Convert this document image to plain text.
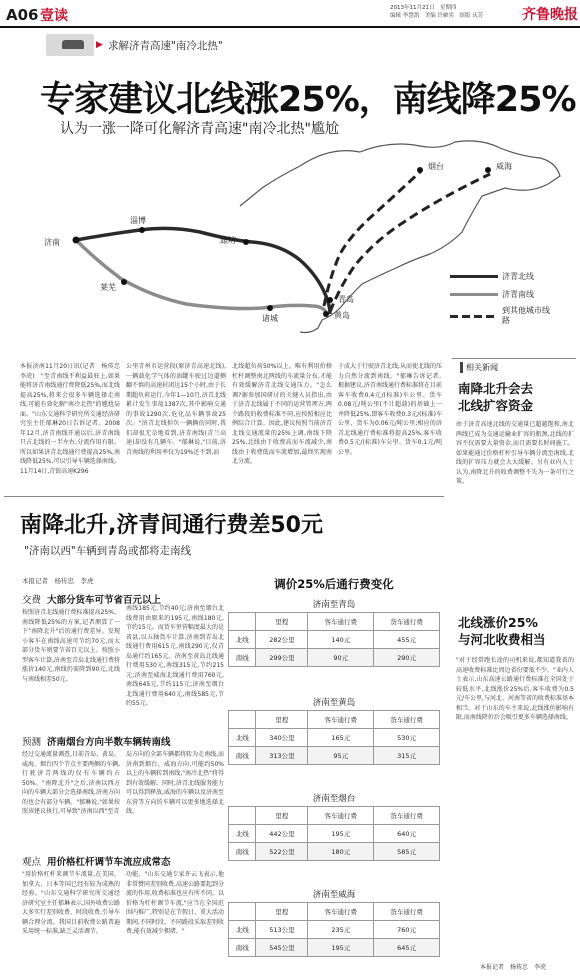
A06 壹读	2013年11月21日　星期四
编辑 李慧凯　美编 许雁宾　组版 庆芳	齐鲁晚报
▶ 求解济青高速"南冷北热"
专家建议北线涨25%，南线降25%
认为一涨一降可化解济青高速"南冷北热"尴尬
济南
淄博
潍坊
烟台	威海
莱芜
诸城
青岛
黄岛
济青北线
济青南线
到其他城市线路
本报济南11月20日讯(记者　杨传忠　李虎)　"至青南线不利益最驻上,如果能将济青南线通行费降低25%,而北线提高25%,将来会很多车辆选择走南线,可能有效化解"南冷北热"的尴尬局面。"山东交通科学研究所交通经济研究室主任郁琳20日告诉记者。2008年12月,济青南线开通以后,济青南线只占北线的一半左右,分流作用有限。所以如果济青北线通行费提高25%,南线降低25%,可以引导车辆选择南线。11月14日,青银高速K296
公里青州市运营段(原济青高速北线),一辆载化学气体的油罐车驶过边道侧翻不慎的高速封闭达15个小时,由于长期超负荷运行,今年1—10月,济青北线累计发生事故1387次,其中影响交通的事故1290次,危化品车辆事故25次。"济青北线担负一辆辆的同时,我们却很无奈地看到,济青南线(青兰高速)却没有几辆车。"郁琳说,"目前,济青南线的利用率仅为19%还不到,而
北线超负荷50%以上。唯有利用价格杠杆调整南北两线的车流量分布,才能有效缓解济青北线交通压力。"怎么调?据参加国研讨的关键人员指出,由于济青北线属于不同的运营管理方,两个路段的收费标准不同,应按照相应比例综合计算。因此,建议按照当前济青北线交通流量的25%上调,南线下降25%,北线由于收费高而车流减少,南线由于收费低而车流增加,最终实现南北分流。
于成大于行驶济青北线,从而使北线的压力自然分流到南线。"郁琳告诉记者。　根据建议,济青南线通行费标准将在目前客车收费0.4元/(标准)车公里、货车0.08元/吨公里(不计超载)的基础上一并降低25%,即客车收费0.3元/(标准)车公里、货车为0.06元/吨公里;相应的济青北线通行费标准将提高25%,客车收费0.5元/(标准)车公里、货车0.1元/吨公里。
相关新闻
南降北升会去
北线扩容资金
由于济青高速北线的交通量已超越饱和,南北两线已成为交通运输业扩容的瓶颈,北线的扩容不仅需要大量资金,而且需要长时间施工。如果能通过价格杠杆引导车辆分流至南线,北线的扩容压力就会大大缓解。另有业内人士认为,南降北升的收费调整不失为一条可行之策。
北线涨价25%
与河北收费相当
"对于经常跑长途的司机来说,都知道我省的高速收费标准比周边省份要低不少。"业内人士表示,山东高速公路通行费标准在全国处于较低水平,北线涨价25%后,客车收费为0.5元/车公里,与河北、河南等省的收费标准基本相当。对于山东的车主来说,北线涨价影响有限,而南线降价后会吸引更多车辆选择南线。
本报记者　杨传忠　李虎
南降北升,济青间通行费差50元
"济南以西"车辆到青岛或都将走南线
本报记者　杨传忠　李虎
交费 大部分货车可节省百元以上
按照济青北线通行费标准提高25%、南线降低25%的方案,记者测算了一下"南降北升"后的通行费差异。发现小客车在南线高速可节约70元,而大部分货车则要节省百元以上。按照小型客车计算,济南至青岛北线通行费将涨价140元,南线仍需降到90元,北线与南线相差50元。
南线185元,节约40元;济南至烟台北线费用由原来的195元,南线180元,节约15元。而货车里营幅度最大的是省县,以五轴货车计算,济南到青岛北线通行费用615元,南线290元,仅青岛通行约165元。济南至黄岛北线通行费用530元,南线315元,节约215元;济南至威海北线通行费用760元,南线645元,节约115元;济南至烟台北线通行费用640元,南线585元,节约55元。
预测 济南烟台方向半数车辆转南线
经过交通流量调查,目前青岛、黄岛、威海、烟台四个节点主要两侧的车辆,行驶济青两线的仅有车辆约占50%。"南降北升"之后,济南以西方向的车辆大部分会选择南线,济南方向的也会有部分车辆。"郁琳说,"如果按照该建议执行,可导致"济南以西"至青
岛方向的全部车辆都将转为走南线,而济南到烟台、威海方向,可能约50%以上的车辆转到南线,"南冷北热"将得到有效缓解。同时,济青北线服务能力可以得到释放,威海的车辆以及济南至东营等方向的车辆可以更多地选择北线。
观点 用价格杠杆调节车流应成常态
"用价格杠杆来调节车流量,在美国、加拿大、日本等国已经有较为成熟的经验。"山东交通科学研究所交通经济研究室主任郁琳表示,国外收费公路大多实行差别收费、时段收费,引导车辆合理分流。我国目前收费公路普遍采用统一标准,缺乏灵活调节。
功能。"山东交通专家许云飞表示,他非常赞同差别收费,高速公路要起到分流的作用,收费标准也应有所不同。以价格为杠杆调节车流,"应当在全国范围内推广,特别是在节假日、重大活动期间,不同时段、不同路段采取差别收费,能有效减少拥堵。"
调价25%后通行费变化
济南至青岛
	里程	客车通行费	货车通行费
北线	282公里	140元	455元
南线	299公里	90元	290元
济南至黄岛
	里程	客车通行费	货车通行费
北线	340公里	165元	530元
南线	313公里	95元	315元
济南至烟台
	里程	客车通行费	货车通行费
北线	442公里	195元	640元
南线	522公里	180元	585元
济南至威海
	里程	客车通行费	货车通行费
北线	513公里	235元	760元
南线	545公里	195元	645元
